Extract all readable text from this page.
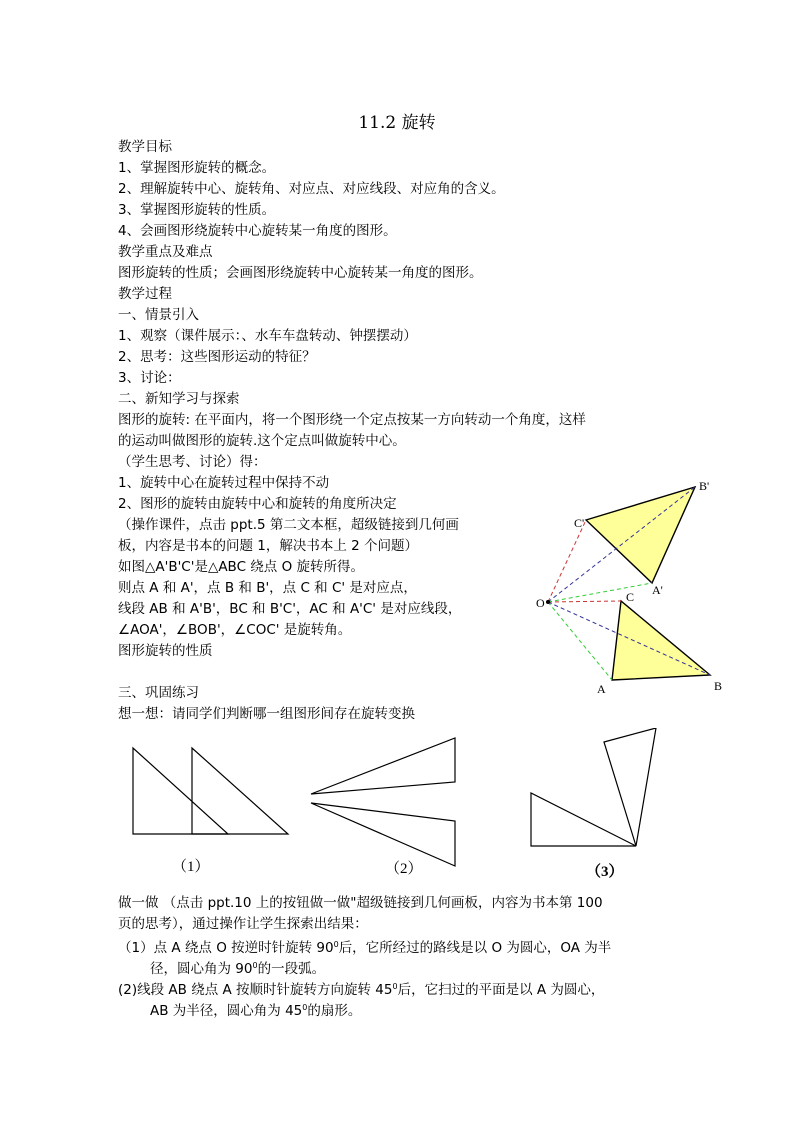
11.2 旋转
教学目标
1、掌握图形旋转的概念。
2、理解旋转中心、旋转角、对应点、对应线段、对应角的含义。
3、掌握图形旋转的性质。
4、会画图形绕旋转中心旋转某一角度的图形。
教学重点及难点
图形旋转的性质；会画图形绕旋转中心旋转某一角度的图形。
教学过程
一、情景引入
1、观察（课件展示：、水车车盘转动、钟摆摆动）
2、思考：这些图形运动的特征？
3、讨论：
二、新知学习与探索
图形的旋转: 在平面内，将一个图形绕一个定点按某一方向转动一个角度，这样
的运动叫做图形的旋转.这个定点叫做旋转中心。
（学生思考、讨论）得：
1、旋转中心在旋转过程中保持不动
2、图形的旋转由旋转中心和旋转的角度所决定
（操作课件，点击 ppt.5 第二文本框，超级链接到几何画
板，内容是书本的问题 1，解决书本上 2 个问题）
如图△A'B'C'是△ABC 绕点 O 旋转所得。
则点 A 和 A'，点 B 和 B'，点 C 和 C' 是对应点，
线段 AB 和 A'B'，BC 和 B'C'，AC 和 A'C' 是对应线段，
∠AOA'，∠BOB'，∠COC' 是旋转角。
图形旋转的性质
三、巩固练习
想一想：请同学们判断哪一组图形间存在旋转变换
做一做 （点击 ppt.10 上的按钮做一做"超级链接到几何画板，内容为书本第 100
页的思考），通过操作让学生探索出结果：
（1）点 A 绕点 O 按逆时针旋转 $90^0$后，它所经过的路线是以 O 为圆心，OA 为半
径，圆心角为 $90^0$的一段弧。
(2)线段 AB 绕点 A 按顺时针旋转方向旋转 $45^0$后，它扫过的平面是以 A 为圆心，
AB 为半径，圆心角为 $45^0$的扇形。
O
A	B
C A'
B'
C'
（1）	（2）	（3）
